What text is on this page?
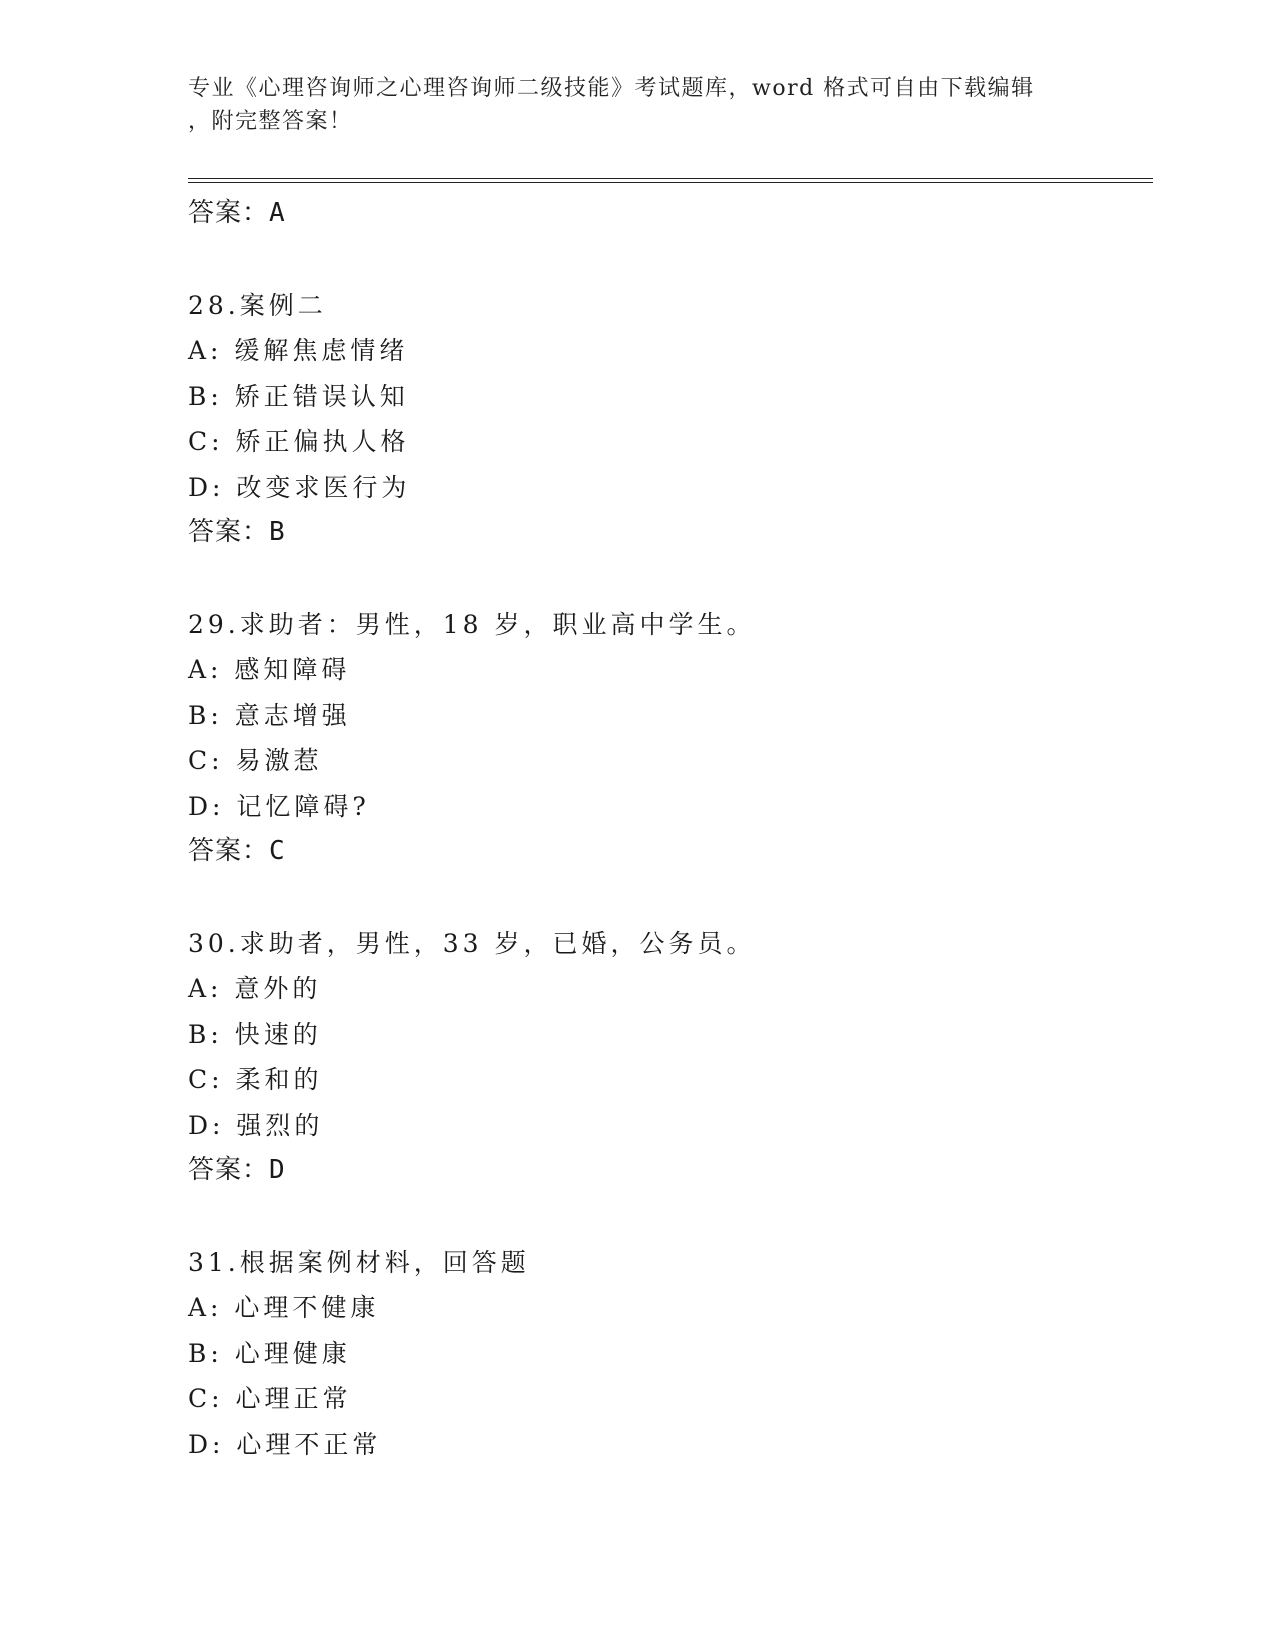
专业《心理咨询师之心理咨询师二级技能》考试题库，word 格式可自由下载编辑
，附完整答案！
答案：A
28.案例二
A: 缓解焦虑情绪
B: 矫正错误认知
C: 矫正偏执人格
D: 改变求医行为
答案：B
29.求助者：男性，18 岁，职业高中学生。
A: 感知障碍
B: 意志增强
C: 易激惹
D: 记忆障碍?
答案：C
30.求助者，男性，33 岁，已婚，公务员。
A: 意外的
B: 快速的
C: 柔和的
D: 强烈的
答案：D
31.根据案例材料，回答题
A: 心理不健康
B: 心理健康
C: 心理正常
D: 心理不正常
